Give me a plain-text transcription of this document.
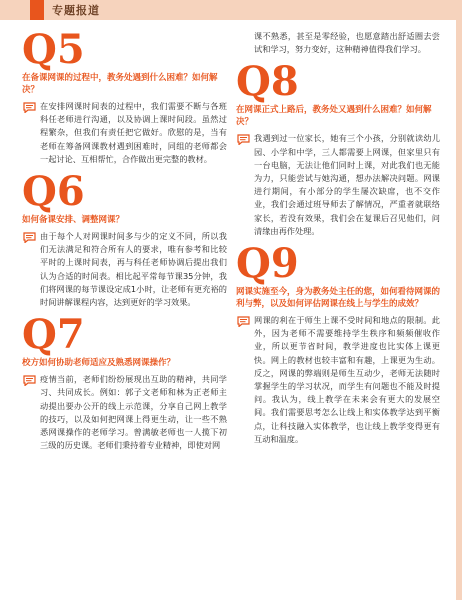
专题报道
Q5
在备课网课的过程中，教务处遇到什么困难？如何解决？

在安排网课时间表的过程中，我们需要不断与各班科任老师进行沟通，以及协调上课时间段。虽然过程繁杂，但我们有责任把它做好。欣慰的是，当有老师在筹备网课教材遇到困难时，同组的老师都会一起讨论、互相帮忙，合作做出更完整的教材。

Q6
如何备课安排、调整网课？

由于每个人对网课时间多与少的定义不同，所以我们无法满足和符合所有人的要求，唯有参考和比较平时的上课时间表，再与科任老师协调后提出我们认为合适的时间表。相比起平常每节课35分钟，我们将网课的每节课设定成1小时，让老师有更充裕的时间讲解课程内容，达到更好的学习效果。

Q7
校方如何协助老师适应及熟悉网课操作？

疫情当前，老师们纷纷展现出互助的精神，共同学习、共同成长。例如：郭子文老师和林为正老师主动提出要办公开的线上示范课，分享自己网上教学的技巧，以及如何把网课上得更生动，让一些不熟悉网课操作的老师学习。曾满敏老师也一人揽下初三级的历史课。老师们秉持着专业精神，即使对网

课不熟悉，甚至是零经验，也愿意踏出舒适圈去尝试和学习，努力变好，这种精神值得我们学习。

Q8
在网课正式上路后，教务处又遇到什么困难？如何解决？

我遇到过一位家长，她有三个小孩，分别就读幼儿园、小学和中学，三人都需要上网课，但家里只有一台电脑，无法让他们同时上课，对此我们也无能为力，只能尝试与她沟通，想办法解决问题。网课进行期间，有小部分的学生屡次缺席，也不交作业，我们会通过班导师去了解情况，严重者就联络家长，若没有效果，我们会在复课后召见他们，问清缘由再作处理。

Q9
网课实施至今，身为教务处主任的您，如何看待网课的利与弊，以及如何评估网课在线上与学生的成效？

网课的利在于师生上课不受时间和地点的限制。此外，因为老师不需要维持学生秩序和频频催收作业，所以更节省时间，教学进度也比实体上课更快。网上的教材也较丰富和有趣，上课更为生动。反之，网课的弊端则是师生互动少，老师无法随时掌握学生的学习状况，而学生有问题也不能及时提问。我认为，线上教学在未来会有更大的发展空间。我们需要思考怎么让线上和实体教学达到平衡点，让科技融入实体教学，也让线上教学变得更有互动和温度。
